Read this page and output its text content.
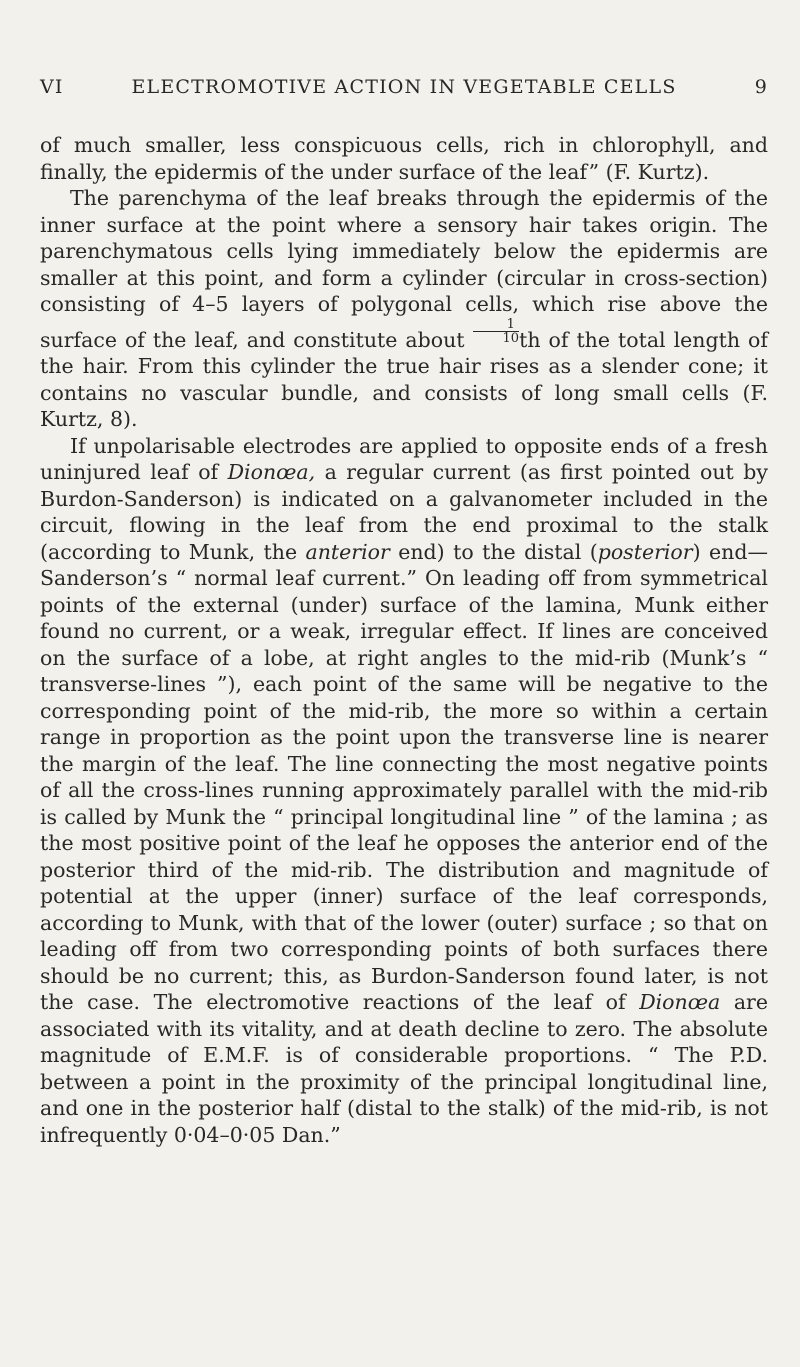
VI	ELECTROMOTIVE ACTION IN VEGETABLE CELLS	9

of much smaller, less conspicuous cells, rich in chlorophyll, and finally, the epidermis of the under surface of the leaf” (F. Kurtz).

The parenchyma of the leaf breaks through the epidermis of the inner surface at the point where a sensory hair takes origin. The parenchymatous cells lying immediately below the epidermis are smaller at this point, and form a cylinder (circular in cross-section) consisting of 4–5 layers of polygonal cells, which rise above the surface of the leaf, and constitute about $\frac{1}{10}$ th of the total length of the hair. From this cylinder the true hair rises as a slender cone; it contains no vascular bundle, and consists of long small cells (F. Kurtz, 8).

If unpolarisable electrodes are applied to opposite ends of a fresh uninjured leaf of Dionœa, a regular current (as first pointed out by Burdon-Sanderson) is indicated on a galvanometer included in the circuit, flowing in the leaf from the end proximal to the stalk (according to Munk, the anterior end) to the distal (posterior) end—Sanderson’s “ normal leaf current.” On leading off from symmetrical points of the external (under) surface of the lamina, Munk either found no current, or a weak, irregular effect. If lines are conceived on the surface of a lobe, at right angles to the mid-rib (Munk’s “ transverse-lines ”), each point of the same will be negative to the corresponding point of the mid-rib, the more so within a certain range in proportion as the point upon the transverse line is nearer the margin of the leaf. The line connecting the most negative points of all the cross-lines running approximately parallel with the mid-rib is called by Munk the “ principal longitudinal line ” of the lamina ; as the most positive point of the leaf he opposes the anterior end of the posterior third of the mid-rib. The distribution and magnitude of potential at the upper (inner) surface of the leaf corresponds, according to Munk, with that of the lower (outer) surface ; so that on leading off from two corresponding points of both surfaces there should be no current; this, as Burdon-Sanderson found later, is not the case. The electromotive reactions of the leaf of Dionœa are associated with its vitality, and at death decline to zero. The absolute magnitude of E.M.F. is of considerable proportions. “ The P.D. between a point in the proximity of the principal longitudinal line, and one in the posterior half (distal to the stalk) of the mid-rib, is not infrequently 0·04–0·05 Dan.”
